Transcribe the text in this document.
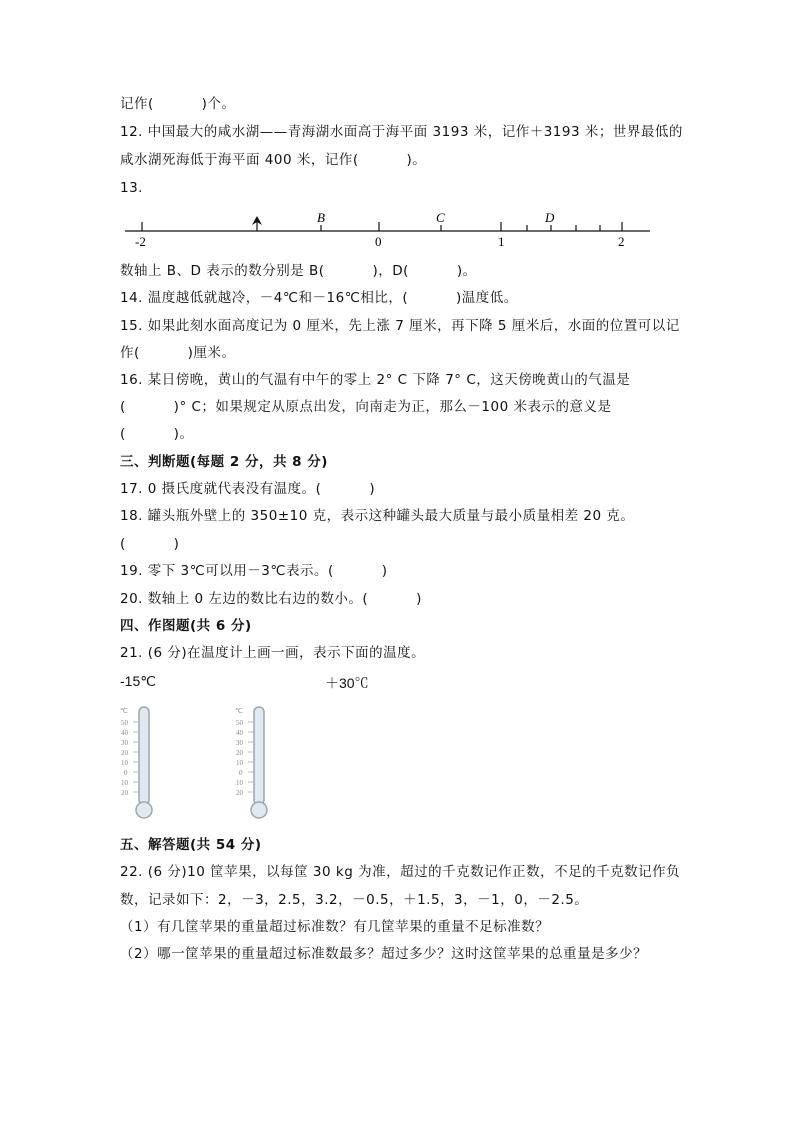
记作(          )个。
12. 中国最大的咸水湖——青海湖水面高于海平面 3193 米，记作＋3193 米；世界最低的
咸水湖死海低于海平面 400 米，记作(          )。
13.
-2	0	1	2
B	C	D
数轴上 B、D 表示的数分别是 B(          )，D(          )。
14. 温度越低就越冷，－4℃和－16℃相比，(          )温度低。
15. 如果此刻水面高度记为 0 厘米，先上涨 7 厘米，再下降 5 厘米后，水面的位置可以记
作(          )厘米。
16. 某日傍晚，黄山的气温有中午的零上 2° C 下降 7° C，这天傍晚黄山的气温是
(          )° C；如果规定从原点出发，向南走为正，那么－100 米表示的意义是
(          )。
三、判断题(每题 2 分，共 8 分)
17. 0 摄氏度就代表没有温度。(          )
18. 罐头瓶外壁上的 350±10 克，表示这种罐头最大质量与最小质量相差 20 克。
(          )
19. 零下 3℃可以用－3℃表示。(          )
20. 数轴上 0 左边的数比右边的数小。(          )
四、作图题(共 6 分)
21. (6 分)在温度计上画一画，表示下面的温度。
-15℃	＋30℃
℃
50
40
30
20
10
0
10
20
℃
50
40
30
20
10
0
10
20
五、解答题(共 54 分)
22. (6 分)10 筐苹果，以每筐 30 kg 为准，超过的千克数记作正数，不足的千克数记作负
数，记录如下：2，－3，2.5，3.2，－0.5，＋1.5，3，－1，0，－2.5。
（1）有几筐苹果的重量超过标准数？有几筐苹果的重量不足标准数？
（2）哪一筐苹果的重量超过标准数最多？超过多少？这时这筐苹果的总重量是多少？
